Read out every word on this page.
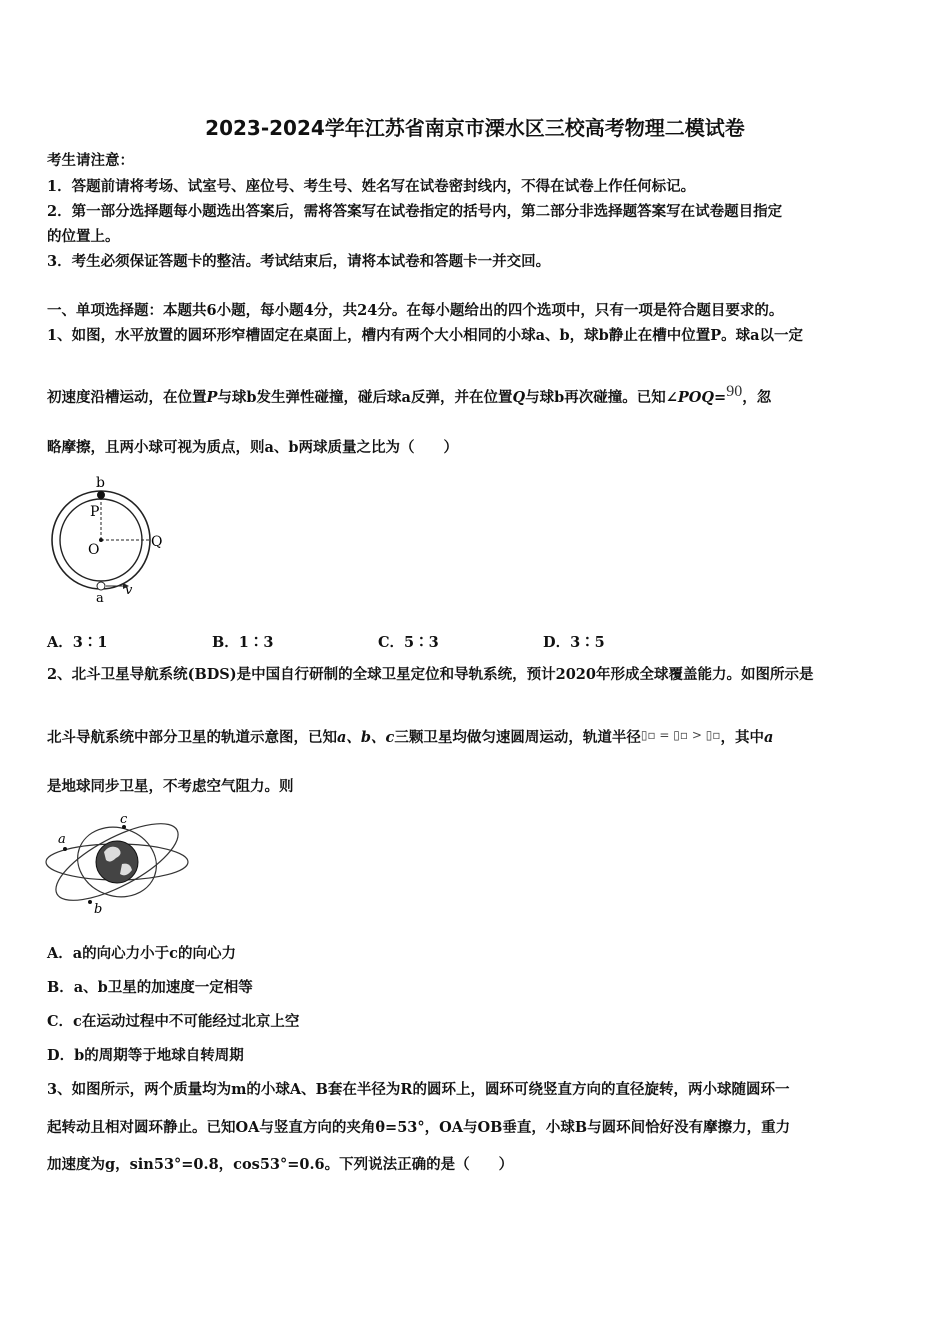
2023-2024学年江苏省南京市溧水区三校高考物理二模试卷
考生请注意：
1．答题前请将考场、试室号、座位号、考生号、姓名写在试卷密封线内，不得在试卷上作任何标记。
2．第一部分选择题每小题选出答案后，需将答案写在试卷指定的括号内，第二部分非选择题答案写在试卷题目指定
的位置上。
3．考生必须保证答题卡的整洁。考试结束后，请将本试卷和答题卡一并交回。
一、单项选择题：本题共6小题，每小题4分，共24分。在每小题给出的四个选项中，只有一项是符合题目要求的。
1、如图，水平放置的圆环形窄槽固定在桌面上，槽内有两个大小相同的小球a、b，球b静止在槽中位置P。球a以一定
初速度沿槽运动，在位置P与球b发生弹性碰撞，碰后球a反弹，并在位置Q与球b再次碰撞。已知∠POQ=90，忽
略摩擦，且两小球可视为质点，则a、b两球质量之比为（　　）
b
P
O	Q
a
v
A．3∶1	B．1∶3	C．5∶3	D．3∶5
2、北斗卫星导航系统(BDS)是中国自行研制的全球卫星定位和导轨系统，预计2020年形成全球覆盖能力。如图所示是
北斗导航系统中部分卫星的轨道示意图，已知a、b、c三颗卫星均做匀速圆周运动，轨道半径▯▫ = ▯▫ > ▯▫，其中a
是地球同步卫星，不考虑空气阻力。则
a
c
b
A．a的向心力小于c的向心力
B．a、b卫星的加速度一定相等
C．c在运动过程中不可能经过北京上空
D．b的周期等于地球自转周期
3、如图所示，两个质量均为m的小球A、B套在半径为R的圆环上，圆环可绕竖直方向的直径旋转，两小球随圆环一
起转动且相对圆环静止。已知OA与竖直方向的夹角θ=53°，OA与OB垂直，小球B与圆环间恰好没有摩擦力，重力
加速度为g，sin53°=0.8，cos53°=0.6。下列说法正确的是（　　）
